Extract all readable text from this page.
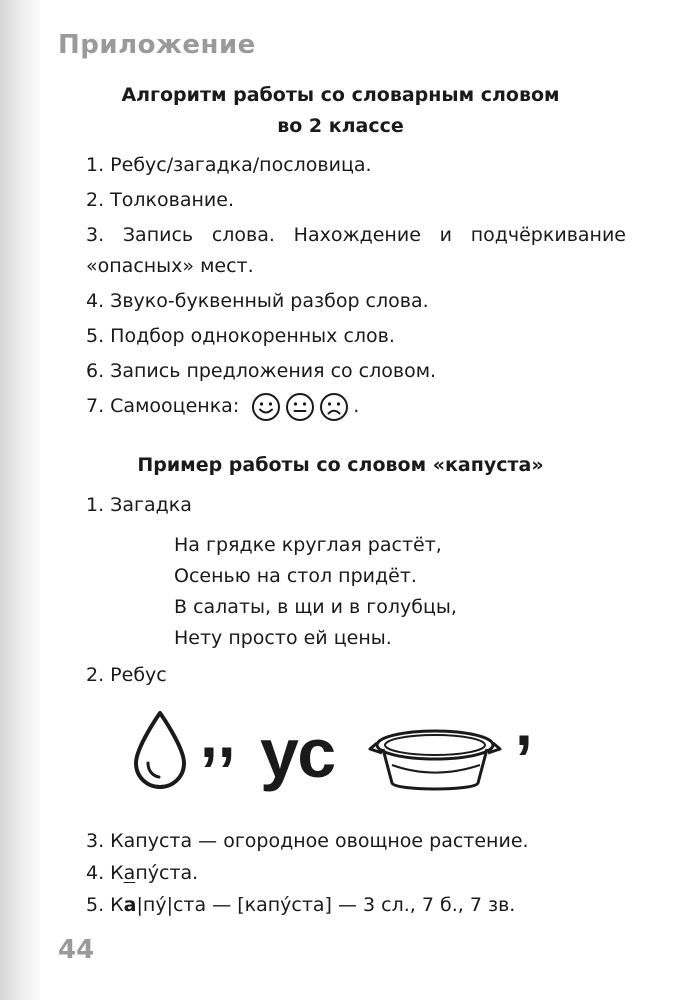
Приложение
Алгоритм работы со словарным словом
во 2 классе
1. Ребус/загадка/пословица.
2. Толкование.
3. Запись слова. Нахождение и подчёркивание
«опасных» мест.
4. Звуко-буквенный разбор слова.
5. Подбор однокоренных слов.
6. Запись предложения со словом.
7. Самооценка:	.
Пример работы со словом «капуста»
1. Загадка
На грядке круглая растёт,
Осенью на стол придёт.
В салаты, в щи и в голубцы,
Нету просто ей цены.
2. Ребус
,, ус	,
3. Капуста — огородное овощное растение.
4. Капу́ста.
5. Ка|пу́|ста — [капу́ста] — 3 сл., 7 б., 7 зв.
44
